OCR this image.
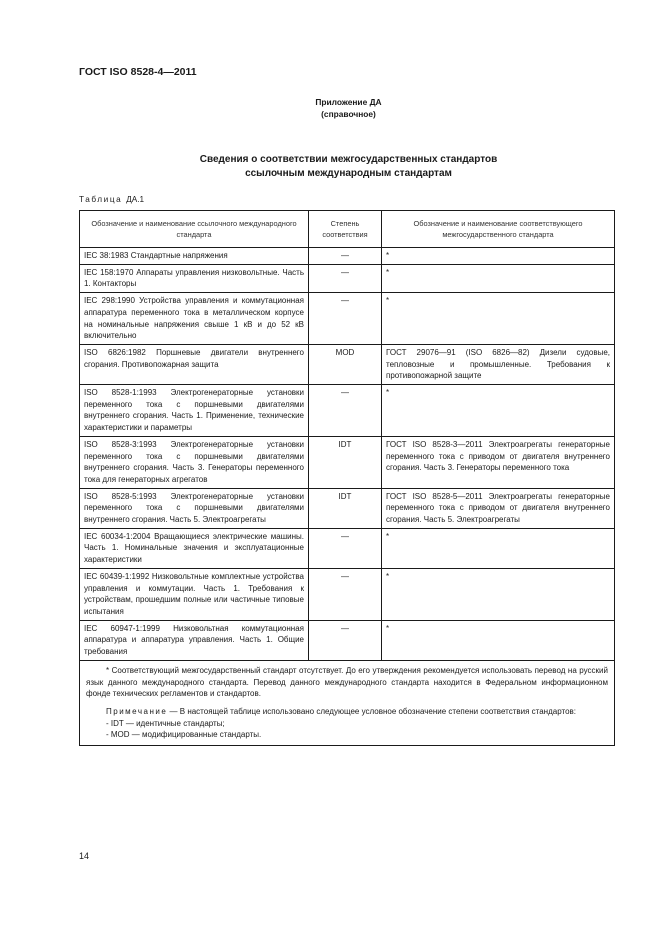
ГОСТ ISO 8528-4—2011
Приложение ДА
(справочное)
Сведения о соответствии межгосударственных стандартов
ссылочным международным стандартам
Таблица ДА.1
Обозначение и наименование ссылочного международного стандарта	Степень соответствия	Обозначение и наименование соответствующего межгосударственного стандарта
IEC 38:1983 Стандартные напряжения	—	*
IEC 158:1970 Аппараты управления низковольтные. Часть 1. Контакторы	—	*
IEC 298:1990 Устройства управления и коммутационная аппаратура переменного тока в металлическом корпусе на номинальные напряжения свыше 1 кВ и до 52 кВ включительно	—	*
ISO 6826:1982 Поршневые двигатели внутреннего сгорания. Противопожарная защита	MOD	ГОСТ 29076—91 (ISO 6826—82) Дизели судовые, тепловозные и промышленные. Требования к противопожарной защите
ISO 8528-1:1993 Электрогенераторные установки переменного тока с поршневыми двигателями внутреннего сгорания. Часть 1. Применение, технические характеристики и параметры	—	*
ISO 8528-3:1993 Электрогенераторные установки переменного тока с поршневыми двигателями внутреннего сгорания. Часть 3. Генераторы переменного тока для генераторных агрегатов	IDT	ГОСТ ISO 8528-3—2011 Электроагрегаты генераторные переменного тока с приводом от двигателя внутреннего сгорания. Часть 3. Генераторы переменного тока
ISO 8528-5:1993 Электрогенераторные установки переменного тока с поршневыми двигателями внутреннего сгорания. Часть 5. Электроагрегаты	IDT	ГОСТ ISO 8528-5—2011 Электроагрегаты генераторные переменного тока с приводом от двигателя внутреннего сгорания. Часть 5. Электроагрегаты
IEC 60034-1:2004 Вращающиеся электрические машины. Часть 1. Номинальные значения и эксплуатационные характеристики	—	*
IEC 60439-1:1992 Низковольтные комплектные устройства управления и коммутации. Часть 1. Требования к устройствам, прошедшим полные или частичные типовые испытания	—	*
IEC 60947-1:1999 Низковольтная коммутационная аппаратура и аппаратура управления. Часть 1. Общие требования	—	*

* Соответствующий межгосударственный стандарт отсутствует. До его утверждения рекомендуется использовать перевод на русский язык данного международного стандарта. Перевод данного международного стандарта находится в Федеральном информационном фонде технических регламентов и стандартов.

Примечание — В настоящей таблице использовано следующее условное обозначение степени соответствия стандартов:

- IDT — идентичные стандарты;
- MOD — модифицированные стандарты.		
14
